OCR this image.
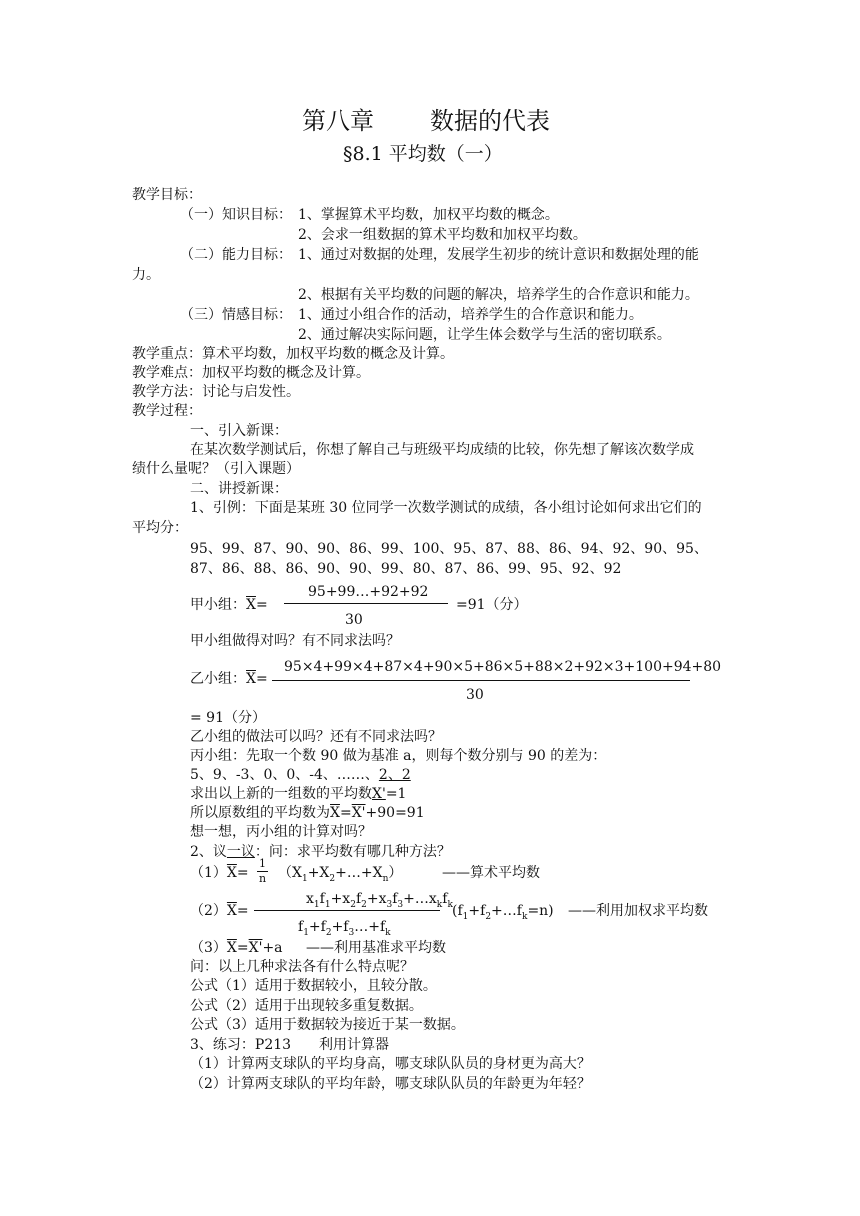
第八章 数据的代表
§8.1 平均数（一）
教学目标：
（一）知识目标： 1、掌握算术平均数，加权平均数的概念。
2、会求一组数据的算术平均数和加权平均数。
（二）能力目标： 1、通过对数据的处理，发展学生初步的统计意识和数据处理的能
力。
2、根据有关平均数的问题的解决，培养学生的合作意识和能力。
（三）情感目标： 1、通过小组合作的活动，培养学生的合作意识和能力。
2、通过解决实际问题，让学生体会数学与生活的密切联系。
教学重点：算术平均数，加权平均数的概念及计算。
教学难点：加权平均数的概念及计算。
教学方法：讨论与启发性。
教学过程：
一、引入新课：
在某次数学测试后，你想了解自己与班级平均成绩的比较，你先想了解该次数学成
绩什么量呢？（引入课题）
二、讲授新课：
1、引例：下面是某班 30 位同学一次数学测试的成绩，各小组讨论如何求出它们的
平均分：
95、99、87、90、90、86、99、100、95、87、88、86、94、92、90、95、
87、86、88、86、90、90、99、80、87、86、99、95、92、92
甲小组：$\overline{X}=$
95+99…+92+92
30
=91（分）
甲小组做得对吗？有不同求法吗？
乙小组：$\overline{X}=$
95×4+99×4+87×4+90×5+86×5+88×2+92×3+100+94+80
30
= 91（分）
乙小组的做法可以吗？还有不同求法吗？
丙小组：先取一个数 90 做为基准 a，则每个数分别与 90 的差为：
5、9、-3、0、0、-4、……、2、2
求出以上新的一组数的平均数X'=1
所以原数组的平均数为$\overline{X}=X'+90=91$
想一想，丙小组的计算对吗？
2、议一议：问：求平均数有哪几种方法？
$(1)\overline{X}=$
1
n $(X_1+X_2+\dots+X_n)$	——算术平均数
$(2)\overline{X}=$
$x_1f_1+x_2f_2+x_3f_3+\dots x_kf_k$
$f_1+f_2+f_3\dots+f_k$
$(f_1+f_2+\dots f_k=n)$ ——利用加权求平均数
$(3)\overline{X}=X'+a$ ——利用基准求平均数
问：以上几种求法各有什么特点呢？
公式（1）适用于数据较小，且较分散。
公式（2）适用于出现较多重复数据。
公式（3）适用于数据较为接近于某一数据。
3、练习：P213　　利用计算器
（1）计算两支球队的平均身高，哪支球队队员的身材更为高大？
（2）计算两支球队的平均年龄，哪支球队队员的年龄更为年轻？
